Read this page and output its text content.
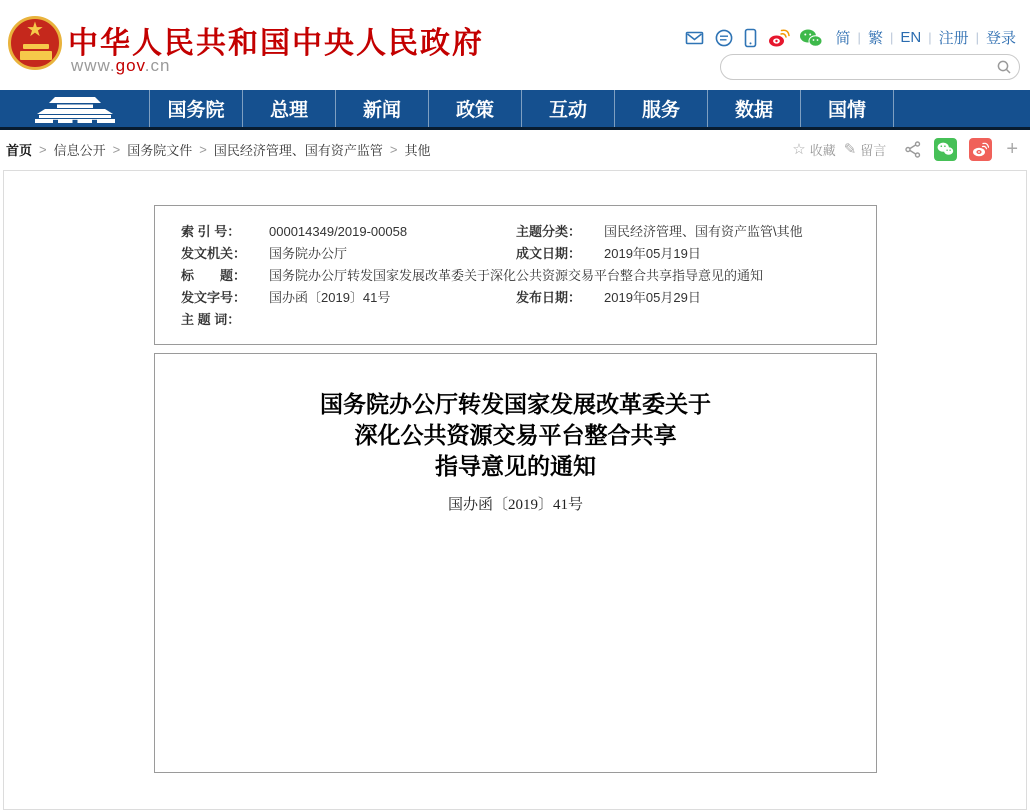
★ 中华人民共和国中央人民政府
www.gov.cn
简 | 繁 | EN | 注册 | 登录
国务院	总理	新闻	政策	互动	服务	数据	国情
首页 > 信息公开 > 国务院文件 > 国民经济管理、国有资产监管 > 其他	☆ 收藏 ✎ 留言	+
索 引 号：	000014349/2019-00058	主题分类：	国民经济管理、国有资产监管\其他
发文机关：	国务院办公厅	成文日期：	2019年05月19日
标　　题：	国务院办公厅转发国家发展改革委关于深化公共资源交易平台整合共享指导意见的通知
发文字号：	国办函〔2019〕41号	发布日期：	2019年05月29日
主 题 词：
国务院办公厅转发国家发展改革委关于
深化公共资源交易平台整合共享
指导意见的通知
国办函〔2019〕41号
